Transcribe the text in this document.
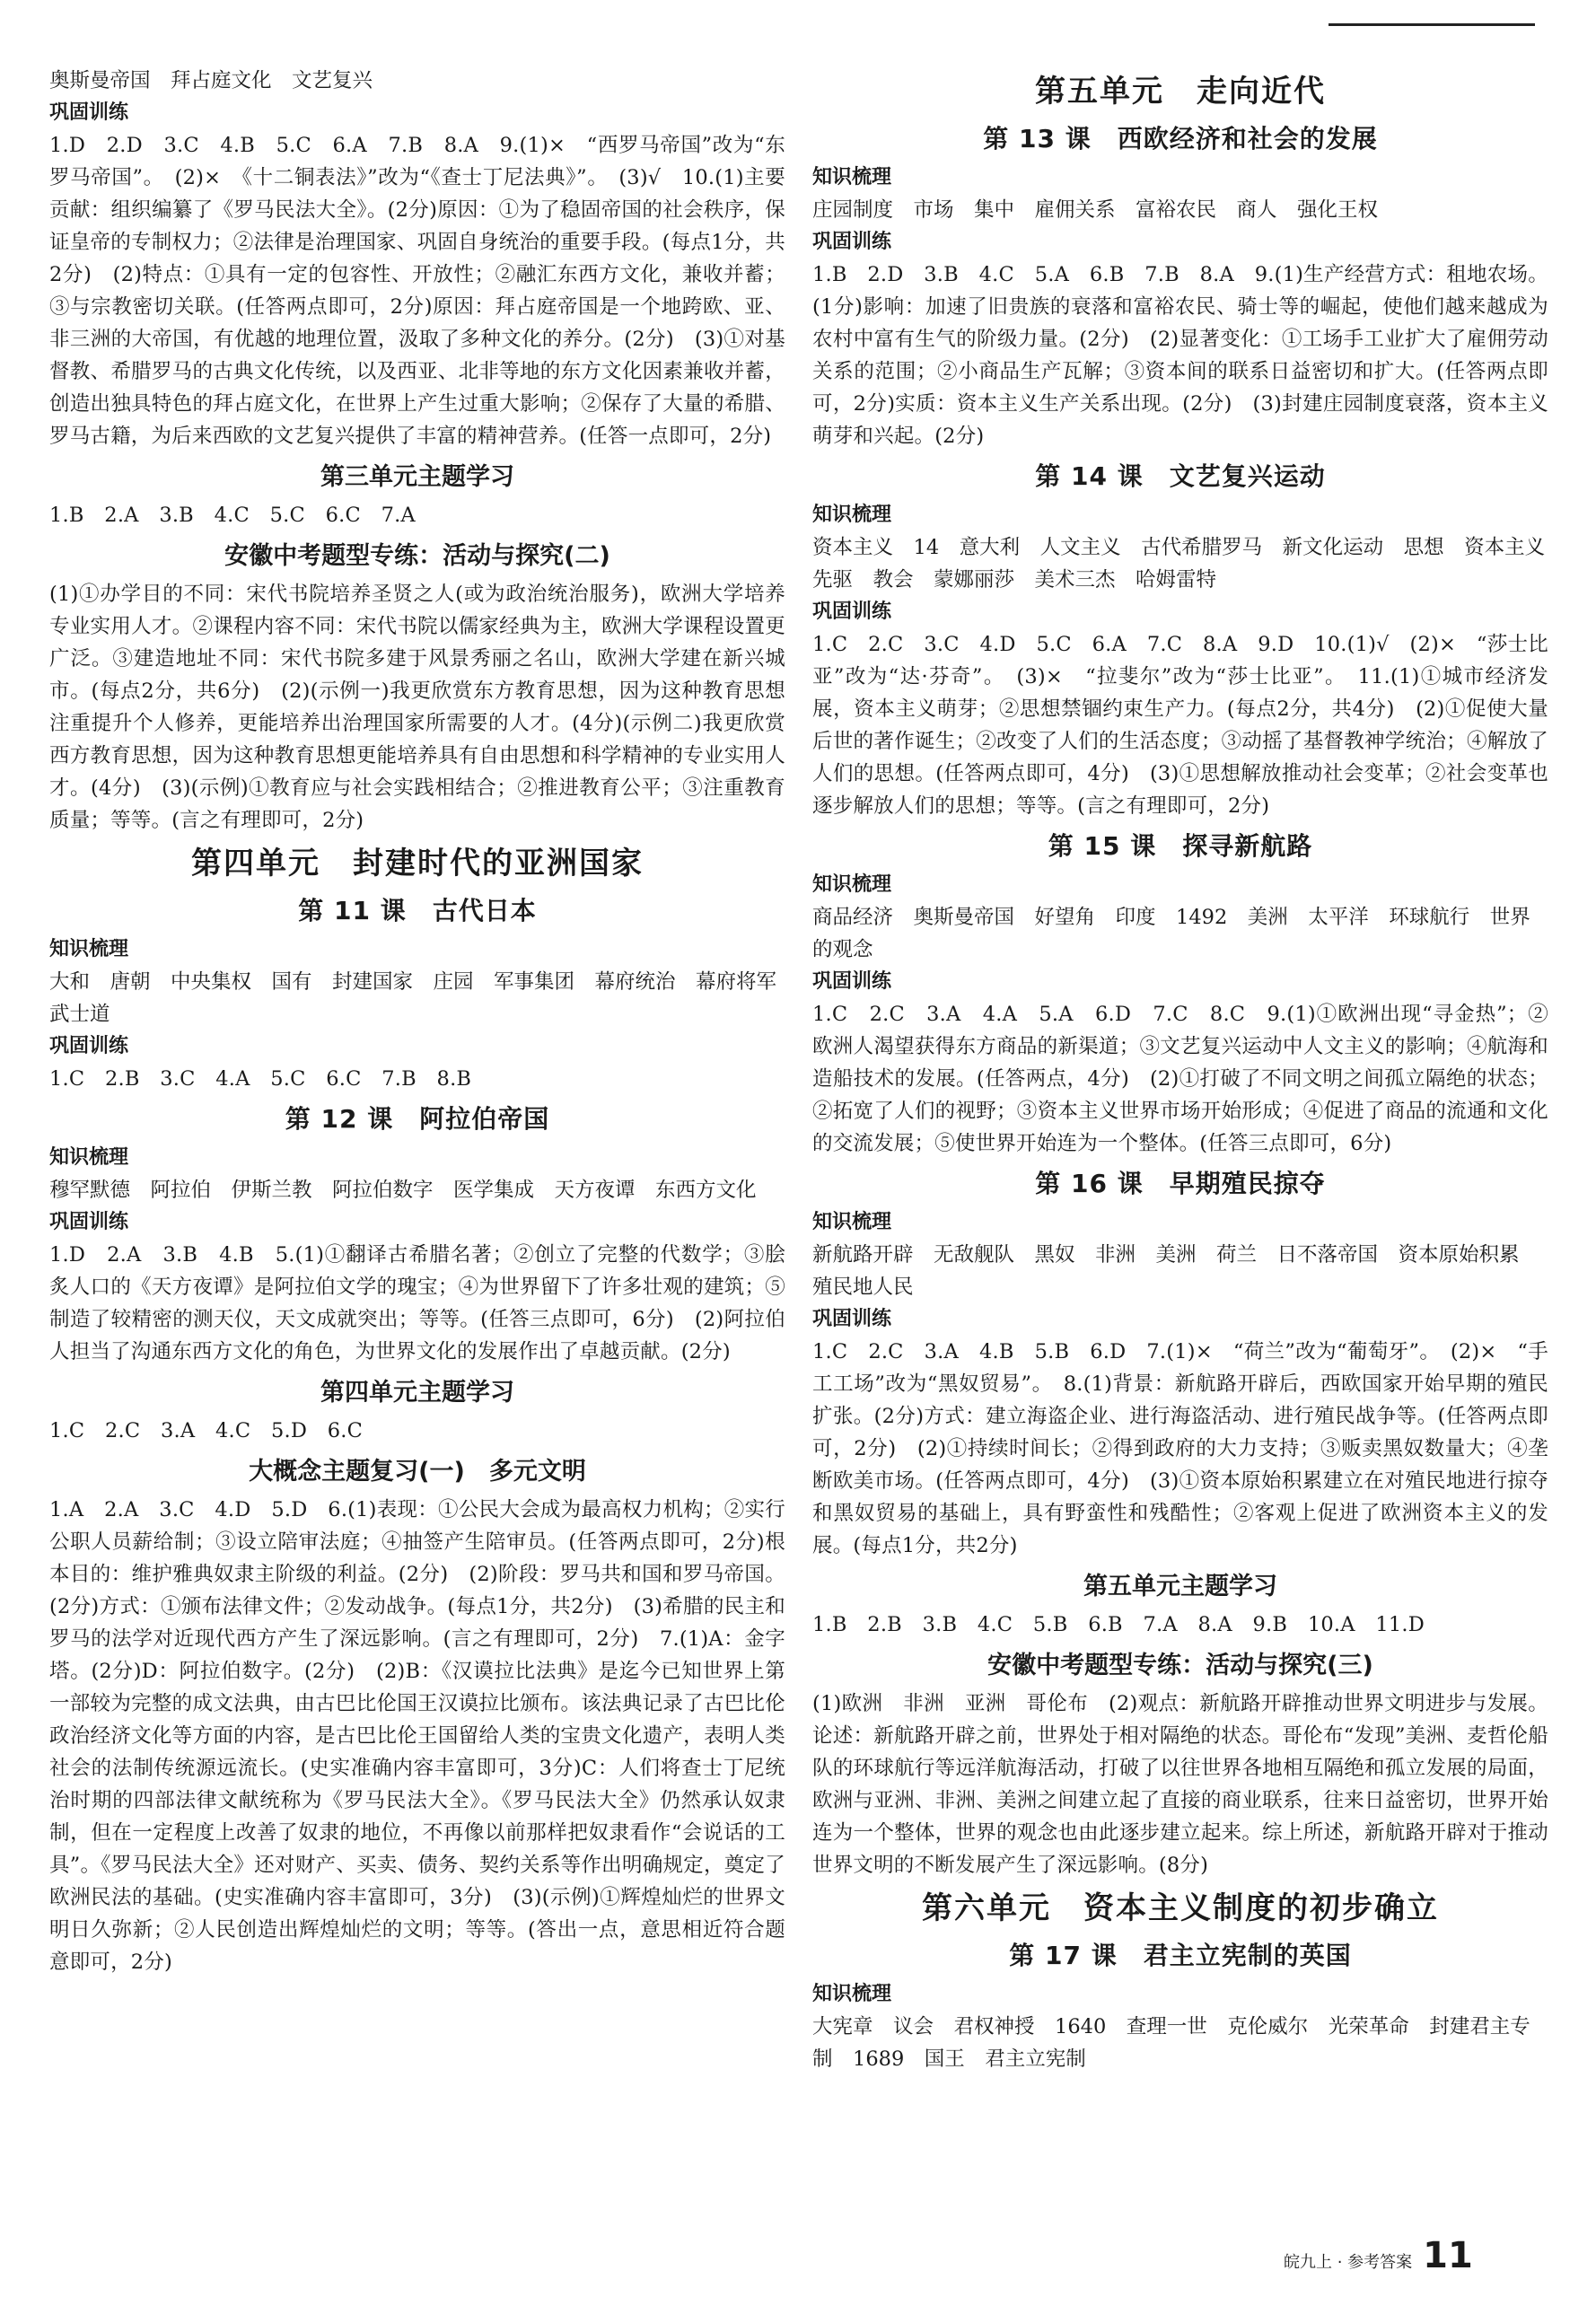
奥斯曼帝国　拜占庭文化　文艺复兴

巩固训练

1.D　2.D　3.C　4.B　5.C　6.A　7.B　8.A　9.(1)×　“西罗马帝国”改为“东罗马帝国”。　(2)×　《十二铜表法》”改为“《查士丁尼法典》”。　(3)√　10.(1)主要贡献：组织编纂了《罗马民法大全》。(2分)原因：①为了稳固帝国的社会秩序，保证皇帝的专制权力；②法律是治理国家、巩固自身统治的重要手段。(每点1分，共2分)　(2)特点：①具有一定的包容性、开放性；②融汇东西方文化，兼收并蓄；③与宗教密切关联。(任答两点即可，2分)原因：拜占庭帝国是一个地跨欧、亚、非三洲的大帝国，有优越的地理位置，汲取了多种文化的养分。(2分)　(3)①对基督教、希腊罗马的古典文化传统，以及西亚、北非等地的东方文化因素兼收并蓄，创造出独具特色的拜占庭文化，在世界上产生过重大影响；②保存了大量的希腊、罗马古籍，为后来西欧的文艺复兴提供了丰富的精神营养。(任答一点即可，2分)

第三单元主题学习

1.B　2.A　3.B　4.C　5.C　6.C　7.A

安徽中考题型专练：活动与探究(二)

(1)①办学目的不同：宋代书院培养圣贤之人(或为政治统治服务)，欧洲大学培养专业实用人才。②课程内容不同：宋代书院以儒家经典为主，欧洲大学课程设置更广泛。③建造地址不同：宋代书院多建于风景秀丽之名山，欧洲大学建在新兴城市。(每点2分，共6分)　(2)(示例一)我更欣赏东方教育思想，因为这种教育思想注重提升个人修养，更能培养出治理国家所需要的人才。(4分)(示例二)我更欣赏西方教育思想，因为这种教育思想更能培养具有自由思想和科学精神的专业实用人才。(4分)　(3)(示例)①教育应与社会实践相结合；②推进教育公平；③注重教育质量；等等。(言之有理即可，2分)

第四单元　封建时代的亚洲国家
第 11 课　古代日本

知识梳理

大和　唐朝　中央集权　国有　封建国家　庄园　军事集团　幕府统治　幕府将军　武士道

巩固训练

1.C　2.B　3.C　4.A　5.C　6.C　7.B　8.B

第 12 课　阿拉伯帝国

知识梳理

穆罕默德　阿拉伯　伊斯兰教　阿拉伯数字　医学集成　天方夜谭　东西方文化

巩固训练

1.D　2.A　3.B　4.B　5.(1)①翻译古希腊名著；②创立了完整的代数学；③脍炙人口的《天方夜谭》是阿拉伯文学的瑰宝；④为世界留下了许多壮观的建筑；⑤制造了较精密的测天仪，天文成就突出；等等。(任答三点即可，6分)　(2)阿拉伯人担当了沟通东西方文化的角色，为世界文化的发展作出了卓越贡献。(2分)

第四单元主题学习

1.C　2.C　3.A　4.C　5.D　6.C

大概念主题复习(一)　多元文明

1.A　2.A　3.C　4.D　5.D　6.(1)表现：①公民大会成为最高权力机构；②实行公职人员薪给制；③设立陪审法庭；④抽签产生陪审员。(任答两点即可，2分)根本目的：维护雅典奴隶主阶级的利益。(2分)　(2)阶段：罗马共和国和罗马帝国。(2分)方式：①颁布法律文件；②发动战争。(每点1分，共2分)　(3)希腊的民主和罗马的法学对近现代西方产生了深远影响。(言之有理即可，2分)　7.(1)A：金字塔。(2分)D：阿拉伯数字。(2分)　(2)B：《汉谟拉比法典》是迄今已知世界上第一部较为完整的成文法典，由古巴比伦国王汉谟拉比颁布。该法典记录了古巴比伦政治经济文化等方面的内容，是古巴比伦王国留给人类的宝贵文化遗产，表明人类社会的法制传统源远流长。(史实准确内容丰富即可，3分)C：人们将查士丁尼统治时期的四部法律文献统称为《罗马民法大全》。《罗马民法大全》仍然承认奴隶制，但在一定程度上改善了奴隶的地位，不再像以前那样把奴隶看作“会说话的工具”。《罗马民法大全》还对财产、买卖、债务、契约关系等作出明确规定，奠定了欧洲民法的基础。(史实准确内容丰富即可，3分)　(3)(示例)①辉煌灿烂的世界文明日久弥新；②人民创造出辉煌灿烂的文明；等等。(答出一点，意思相近符合题意即可，2分)

第五单元　走向近代
第 13 课　西欧经济和社会的发展

知识梳理

庄园制度　市场　集中　雇佣关系　富裕农民　商人　强化王权

巩固训练

1.B　2.D　3.B　4.C　5.A　6.B　7.B　8.A　9.(1)生产经营方式：租地农场。(1分)影响：加速了旧贵族的衰落和富裕农民、骑士等的崛起，使他们越来越成为农村中富有生气的阶级力量。(2分)　(2)显著变化：①工场手工业扩大了雇佣劳动关系的范围；②小商品生产瓦解；③资本间的联系日益密切和扩大。(任答两点即可，2分)实质：资本主义生产关系出现。(2分)　(3)封建庄园制度衰落，资本主义萌芽和兴起。(2分)

第 14 课　文艺复兴运动

知识梳理

资本主义　14　意大利　人文主义　古代希腊罗马　新文化运动　思想　资本主义　先驱　教会　蒙娜丽莎　美术三杰　哈姆雷特

巩固训练

1.C　2.C　3.C　4.D　5.C　6.A　7.C　8.A　9.D　10.(1)√　(2)×　“莎士比亚”改为“达·芬奇”。　(3)×　“拉斐尔”改为“莎士比亚”。　11.(1)①城市经济发展，资本主义萌芽；②思想禁锢约束生产力。(每点2分，共4分)　(2)①促使大量后世的著作诞生；②改变了人们的生活态度；③动摇了基督教神学统治；④解放了人们的思想。(任答两点即可，4分)　(3)①思想解放推动社会变革；②社会变革也逐步解放人们的思想；等等。(言之有理即可，2分)

第 15 课　探寻新航路

知识梳理

商品经济　奥斯曼帝国　好望角　印度　1492　美洲　太平洋　环球航行　世界的观念

巩固训练

1.C　2.C　3.A　4.A　5.A　6.D　7.C　8.C　9.(1)①欧洲出现“寻金热”；②欧洲人渴望获得东方商品的新渠道；③文艺复兴运动中人文主义的影响；④航海和造船技术的发展。(任答两点，4分)　(2)①打破了不同文明之间孤立隔绝的状态；②拓宽了人们的视野；③资本主义世界市场开始形成；④促进了商品的流通和文化的交流发展；⑤使世界开始连为一个整体。(任答三点即可，6分)

第 16 课　早期殖民掠夺

知识梳理

新航路开辟　无敌舰队　黑奴　非洲　美洲　荷兰　日不落帝国　资本原始积累　殖民地人民

巩固训练

1.C　2.C　3.A　4.B　5.B　6.D　7.(1)×　“荷兰”改为“葡萄牙”。　(2)×　“手工工场”改为“黑奴贸易”。　8.(1)背景：新航路开辟后，西欧国家开始早期的殖民扩张。(2分)方式：建立海盗企业、进行海盗活动、进行殖民战争等。(任答两点即可，2分)　(2)①持续时间长；②得到政府的大力支持；③贩卖黑奴数量大；④垄断欧美市场。(任答两点即可，4分)　(3)①资本原始积累建立在对殖民地进行掠夺和黑奴贸易的基础上，具有野蛮性和残酷性；②客观上促进了欧洲资本主义的发展。(每点1分，共2分)

第五单元主题学习

1.B　2.B　3.B　4.C　5.B　6.B　7.A　8.A　9.B　10.A　11.D

安徽中考题型专练：活动与探究(三)

(1)欧洲　非洲　亚洲　哥伦布　(2)观点：新航路开辟推动世界文明进步与发展。论述：新航路开辟之前，世界处于相对隔绝的状态。哥伦布“发现”美洲、麦哲伦船队的环球航行等远洋航海活动，打破了以往世界各地相互隔绝和孤立发展的局面，欧洲与亚洲、非洲、美洲之间建立起了直接的商业联系，往来日益密切，世界开始连为一个整体，世界的观念也由此逐步建立起来。综上所述，新航路开辟对于推动世界文明的不断发展产生了深远影响。(8分)

第六单元　资本主义制度的初步确立
第 17 课　君主立宪制的英国

知识梳理

大宪章　议会　君权神授　1640　查理一世　克伦威尔　光荣革命　封建君主专制　1689　国王　君主立宪制

皖九上 · 参考答案 11
